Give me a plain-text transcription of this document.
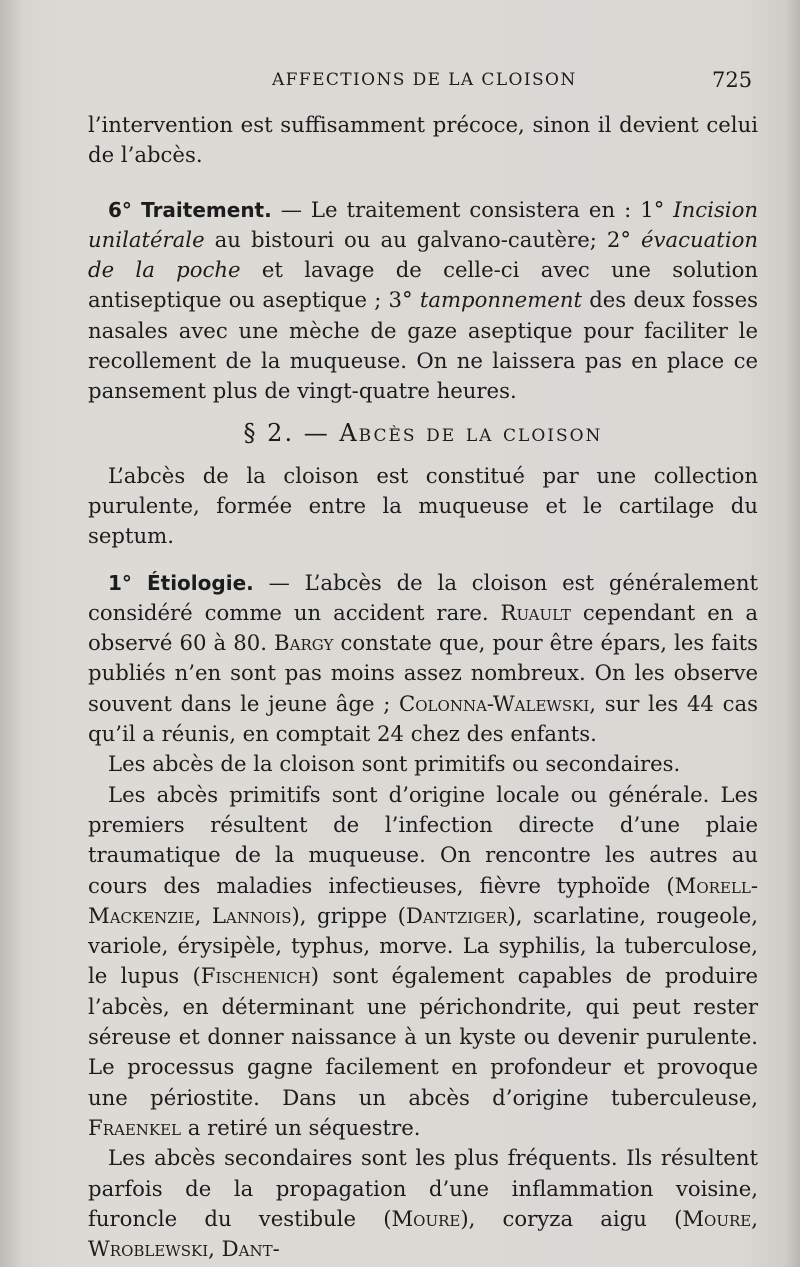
AFFECTIONS DE LA CLOISON	725

l’intervention est suffisamment précoce, sinon il devient celui de l’abcès.

6° Traitement. — Le traitement consistera en : 1° Incision unilatérale au bistouri ou au galvano-cautère; 2° évacuation de la poche et lavage de celle-ci avec une solution antiseptique ou aseptique ; 3° tamponnement des deux fosses nasales avec une mèche de gaze aseptique pour faciliter le recollement de la muqueuse. On ne laissera pas en place ce pansement plus de vingt-quatre heures.

§ 2. — Abcès de la cloison

L’abcès de la cloison est constitué par une collection purulente, formée entre la muqueuse et le cartilage du septum.

1° Étiologie. — L’abcès de la cloison est généralement considéré comme un accident rare. Ruault cependant en a observé 60 à 80. Bargy constate que, pour être épars, les faits publiés n’en sont pas moins assez nombreux. On les observe souvent dans le jeune âge ; Colonna-Walewski, sur les 44 cas qu’il a réunis, en comptait 24 chez des enfants.

Les abcès de la cloison sont primitifs ou secondaires.

Les abcès primitifs sont d’origine locale ou générale. Les premiers résultent de l’infection directe d’une plaie traumatique de la muqueuse. On rencontre les autres au cours des maladies infectieuses, fièvre typhoïde (Morell-Mackenzie, Lannois), grippe (Dantziger), scarlatine, rougeole, variole, érysipèle, typhus, morve. La syphilis, la tuberculose, le lupus (Fischenich) sont également capables de produire l’abcès, en déterminant une périchondrite, qui peut rester séreuse et donner naissance à un kyste ou devenir purulente. Le processus gagne facilement en profondeur et provoque une périostite. Dans un abcès d’origine tuberculeuse, Fraenkel a retiré un séquestre.

Les abcès secondaires sont les plus fréquents. Ils résultent parfois de la propagation d’une inflammation voisine, furoncle du vestibule (Moure), coryza aigu (Moure, Wroblewski, Dant-
